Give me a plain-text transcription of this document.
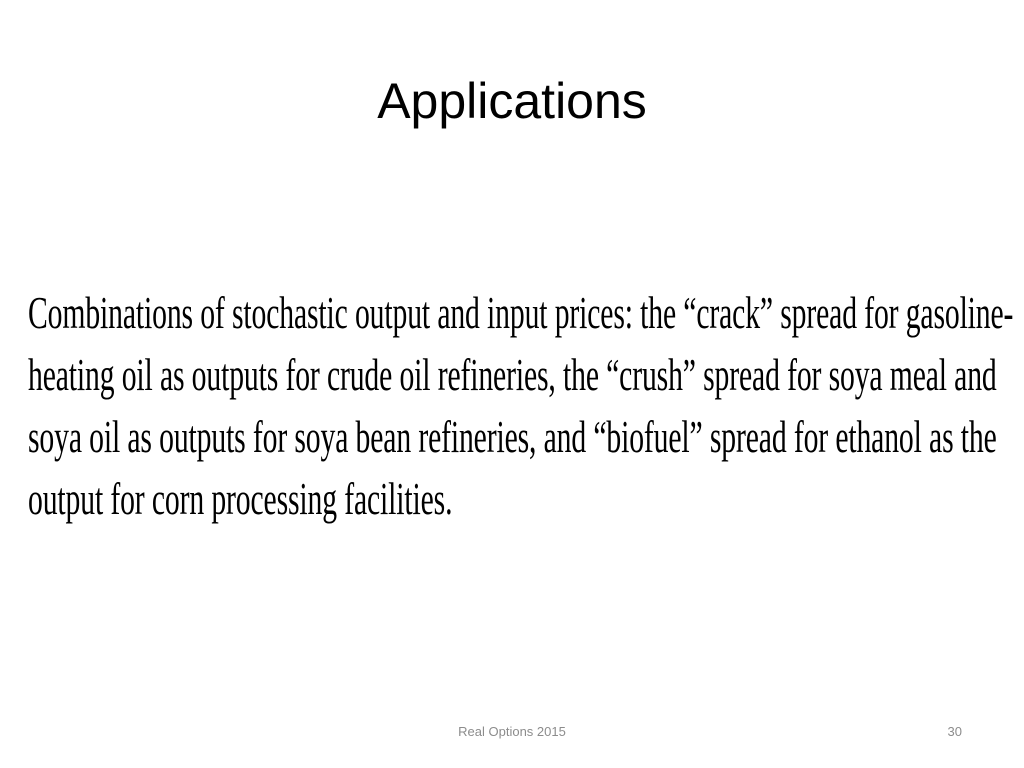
Applications
Combinations of stochastic output and input prices: the “crack” spread for gasoline-
heating oil as outputs for crude oil refineries, the “crush” spread for soya meal and
soya oil as outputs for soya bean refineries, and “biofuel” spread for ethanol as the
output for corn processing facilities.
Real Options 2015	30
